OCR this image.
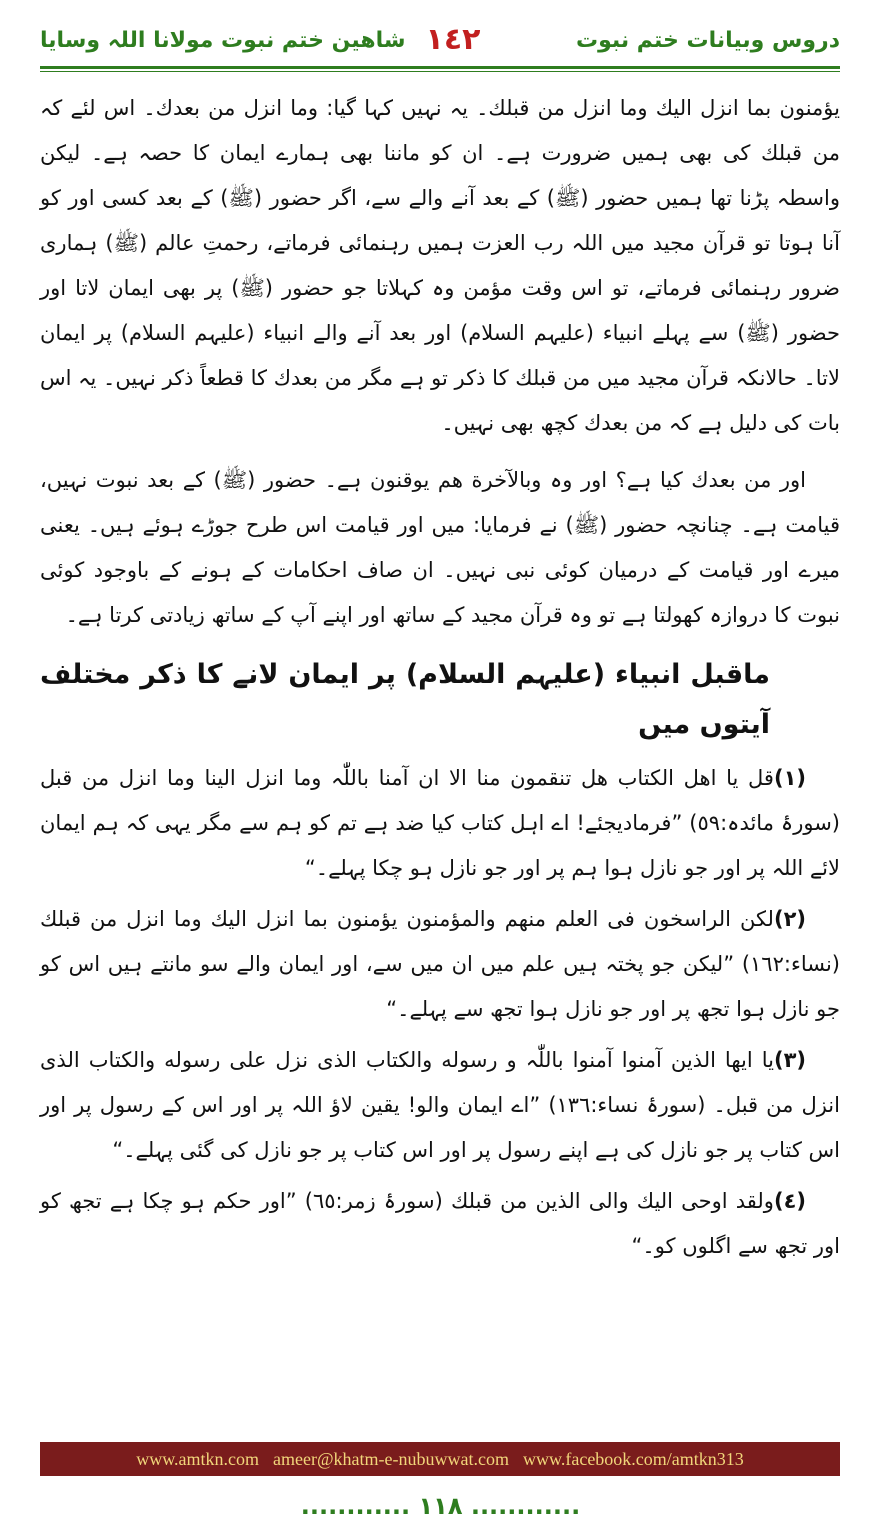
دروس وبیانات ختم نبوت
١٤٢
شاھین ختم نبوت مولانا اللہ وسایا

یؤمنون بما انزل الیك وما انزل من قبلك۔ یہ نہیں کہا گیا: وما انزل من بعدك۔ اس لئے کہ من قبلك کی بھی ہمیں ضرورت ہے۔ ان کو ماننا بھی ہمارے ایمان کا حصہ ہے۔ لیکن واسطہ پڑنا تھا ہمیں حضور (ﷺ) کے بعد آنے والے سے، اگر حضور (ﷺ) کے بعد کسی اور کو آنا ہوتا تو قرآن مجید میں اللہ رب العزت ہمیں رہنمائی فرماتے، رحمتِ عالم (ﷺ) ہماری ضرور رہنمائی فرماتے، تو اس وقت مؤمن وہ کہلاتا جو حضور (ﷺ) پر بھی ایمان لاتا اور حضور (ﷺ) سے پہلے انبیاء (علیہم السلام) اور بعد آنے والے انبیاء (علیہم السلام) پر ایمان لاتا۔ حالانکہ قرآن مجید میں من قبلك کا ذکر تو ہے مگر من بعدك کا قطعاً ذکر نہیں۔ یہ اس بات کی دلیل ہے کہ من بعدك کچھ بھی نہیں۔

اور من بعدك کیا ہے؟ اور وہ وبالآخرة هم یوقنون ہے۔ حضور (ﷺ) کے بعد نبوت نہیں، قیامت ہے۔ چنانچہ حضور (ﷺ) نے فرمایا: میں اور قیامت اس طرح جوڑے ہوئے ہیں۔ یعنی میرے اور قیامت کے درمیان کوئی نبی نہیں۔ ان صاف احکامات کے ہونے کے باوجود کوئی نبوت کا دروازہ کھولتا ہے تو وہ قرآن مجید کے ساتھ اور اپنے آپ کے ساتھ زیادتی کرتا ہے۔

ماقبل انبیاء (علیہم السلام) پر ایمان لانے کا ذکر مختلف آیتوں میں

(١)قل یا اهل الکتاب هل تنقمون منا الا ان آمنا باللّٰہ وما انزل الینا وما انزل من قبل (سورۂ مائدہ:٥٩) ”فرمادیجئے! اے اہل کتاب کیا ضد ہے تم کو ہم سے مگر یہی کہ ہم ایمان لائے اللہ پر اور جو نازل ہوا ہم پر اور جو نازل ہو چکا پہلے۔“

(٢)لکن الراسخون فی العلم منهم والمؤمنون یؤمنون بما انزل الیك وما انزل من قبلك (نساء:١٦٢) ”لیکن جو پختہ ہیں علم میں ان میں سے، اور ایمان والے سو مانتے ہیں اس کو جو نازل ہوا تجھ پر اور جو نازل ہوا تجھ سے پہلے۔“

(٣)یا ایها الذین آمنوا آمنوا باللّٰہ و رسوله والکتاب الذی نزل علی رسوله والکتاب الذی انزل من قبل۔ (سورۂ نساء:١٣٦) ”اے ایمان والو! یقین لاؤ اللہ پر اور اس کے رسول پر اور اس کتاب پر جو نازل کی ہے اپنے رسول پر اور اس کتاب پر جو نازل کی گئی پہلے۔“

(٤)ولقد اوحی الیك والی الذین من قبلك (سورۂ زمر:٦٥) ”اور حکم ہو چکا ہے تجھ کو اور تجھ سے اگلوں کو۔“

www.amtkn.com ameer@khatm-e-nubuwwat.com www.facebook.com/amtkn313
............ ١١٨ ............
